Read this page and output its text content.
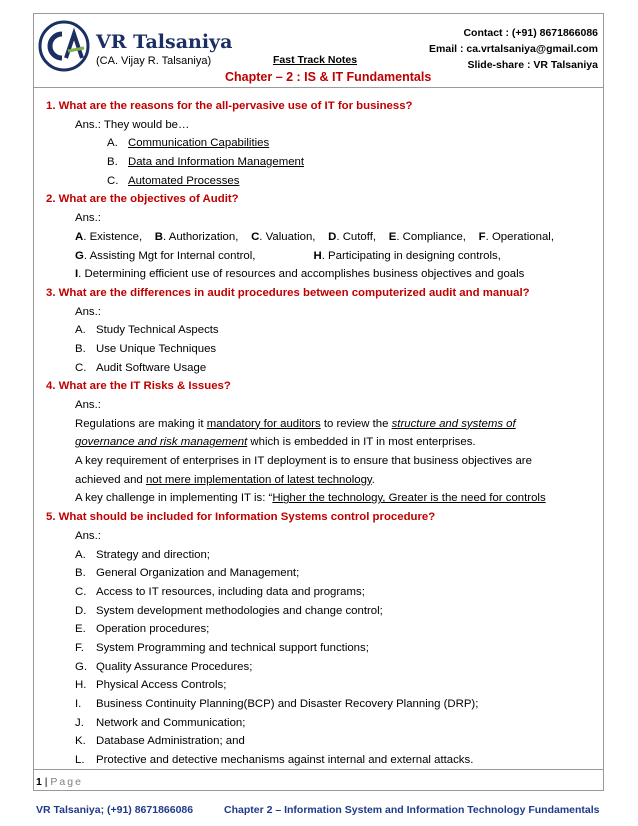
VR Talsaniya
(CA. Vijay R. Talsaniya)	Fast Track Notes
Contact : (+91) 8671866086
Email : ca.vrtalsaniya@gmail.com
Slide-share : VR Talsaniya
Chapter – 2 : IS & IT Fundamentals
1. What are the reasons for the all-pervasive use of IT for business?
Ans.: They would be…
A. Communication Capabilities
B. Data and Information Management
C. Automated Processes
2. What are the objectives of Audit?
Ans.:
A. Existence, B. Authorization, C. Valuation, D. Cutoff, E. Compliance, F. Operational,
G. Assisting Mgt for Internal control,	H. Participating in designing controls,
I. Determining efficient use of resources and accomplishes business objectives and goals
3. What are the differences in audit procedures between computerized audit and manual?
Ans.:
A. Study Technical Aspects
B. Use Unique Techniques
C. Audit Software Usage
4. What are the IT Risks & Issues?
Ans.:
Regulations are making it mandatory for auditors to review the structure and systems of
governance and risk management which is embedded in IT in most enterprises.
A key requirement of enterprises in IT deployment is to ensure that business objectives are
achieved and not mere implementation of latest technology.
A key challenge in implementing IT is: “Higher the technology, Greater is the need for controls
5. What should be included for Information Systems control procedure?
Ans.:
A. Strategy and direction;
B. General Organization and Management;
C. Access to IT resources, including data and programs;
D. System development methodologies and change control;
E. Operation procedures;
F. System Programming and technical support functions;
G. Quality Assurance Procedures;
H. Physical Access Controls;
I. Business Continuity Planning(BCP) and Disaster Recovery Planning (DRP);
J. Network and Communication;
K. Database Administration; and
L. Protective and detective mechanisms against internal and external attacks.
1 | Page
VR Talsaniya; (+91) 8671866086	Chapter 2 – Information System and Information Technology Fundamentals
